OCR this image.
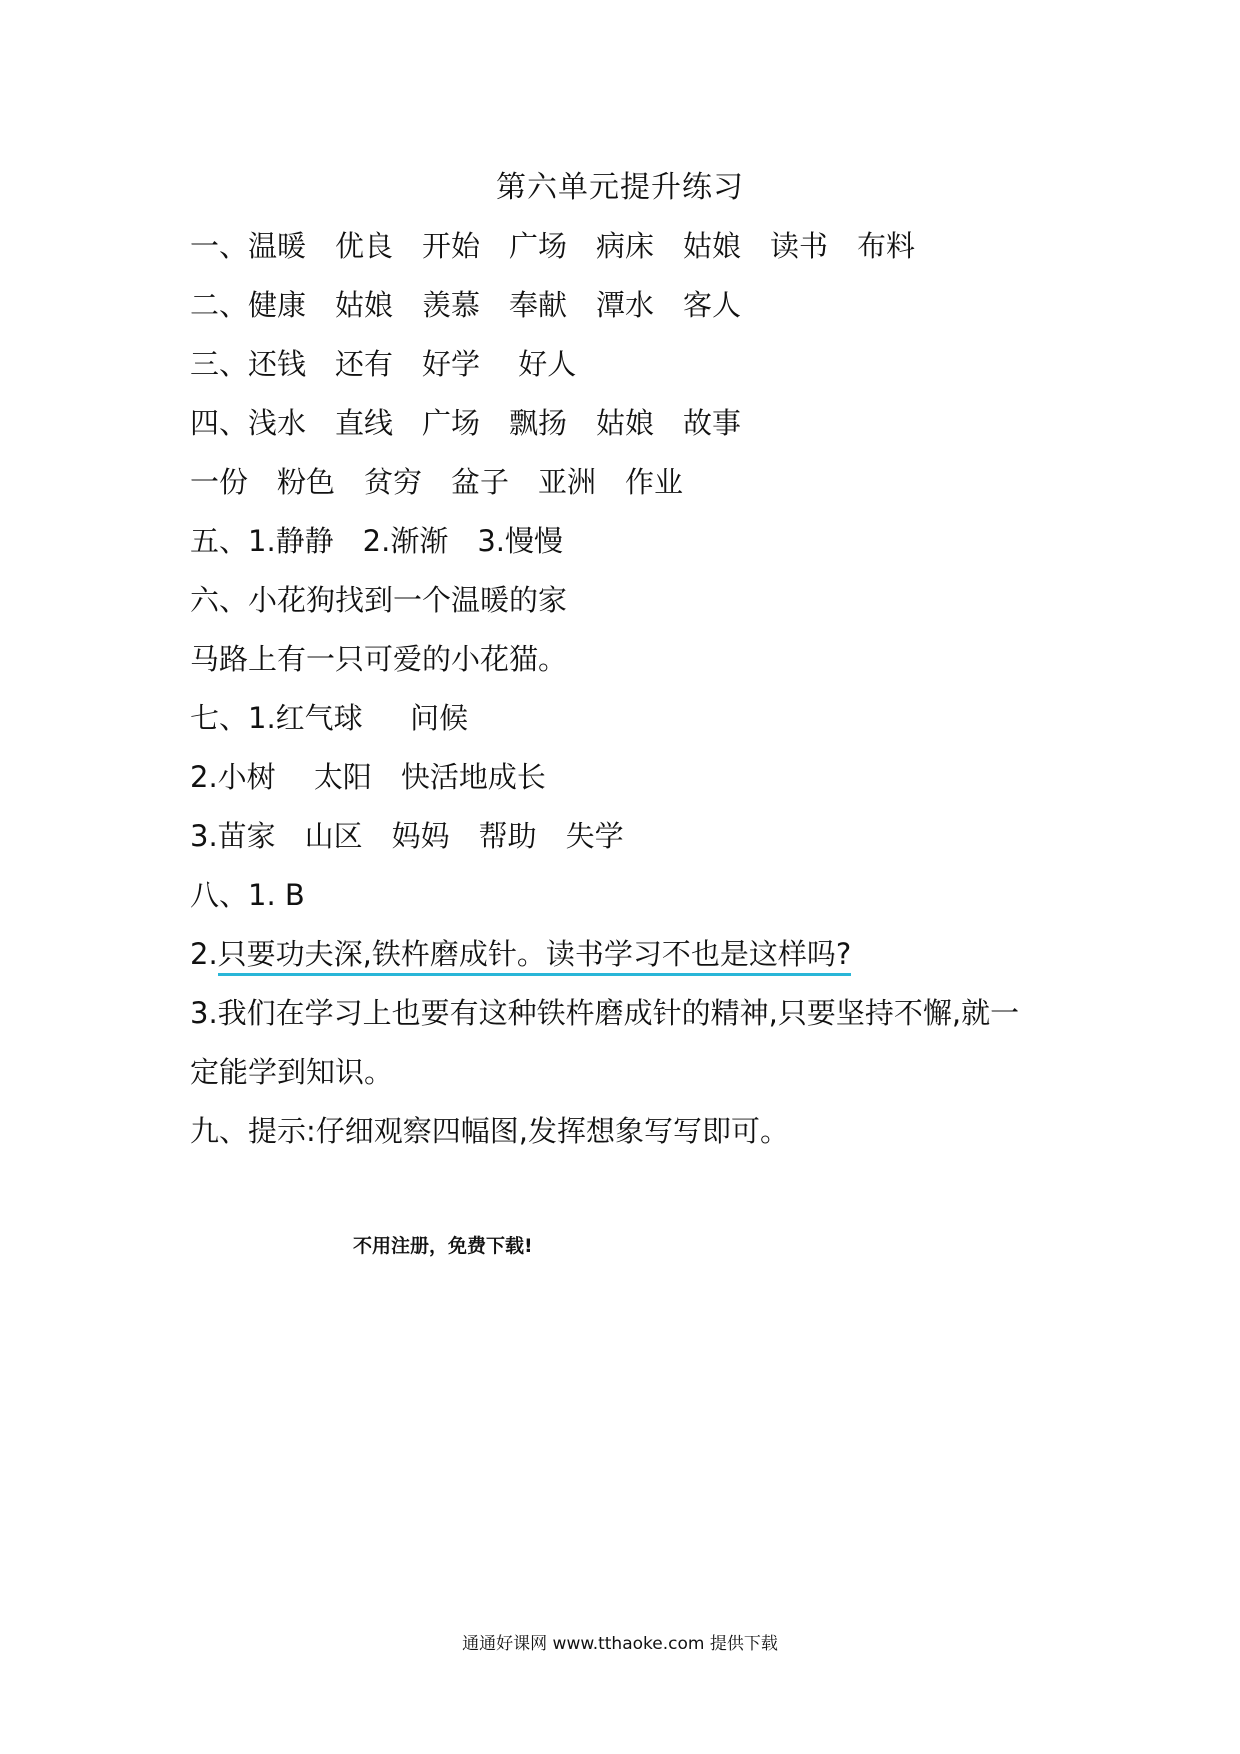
第六单元提升练习
一、温暖　优良　开始　广场　病床　姑娘　读书　布料
二、健康　姑娘　羡慕　奉献　潭水　客人
三、还钱　还有　好学　 好人
四、浅水　直线　广场　飘扬　姑娘　故事
一份　粉色　贫穷　盆子　亚洲　作业
五、1.静静　2.渐渐　3.慢慢
六、小花狗找到一个温暖的家
马路上有一只可爱的小花猫。
七、1.红气球 　 问候
2.小树　 太阳　快活地成长
3.苗家　山区　妈妈　帮助　失学
八、1. B
2.只要功夫深,铁杵磨成针。读书学习不也是这样吗?
3.我们在学习上也要有这种铁杵磨成针的精神,只要坚持不懈,就一
定能学到知识。
九、提示:仔细观察四幅图,发挥想象写写即可。
不用注册，免费下载!
通通好课网 www.tthaoke.com 提供下载
